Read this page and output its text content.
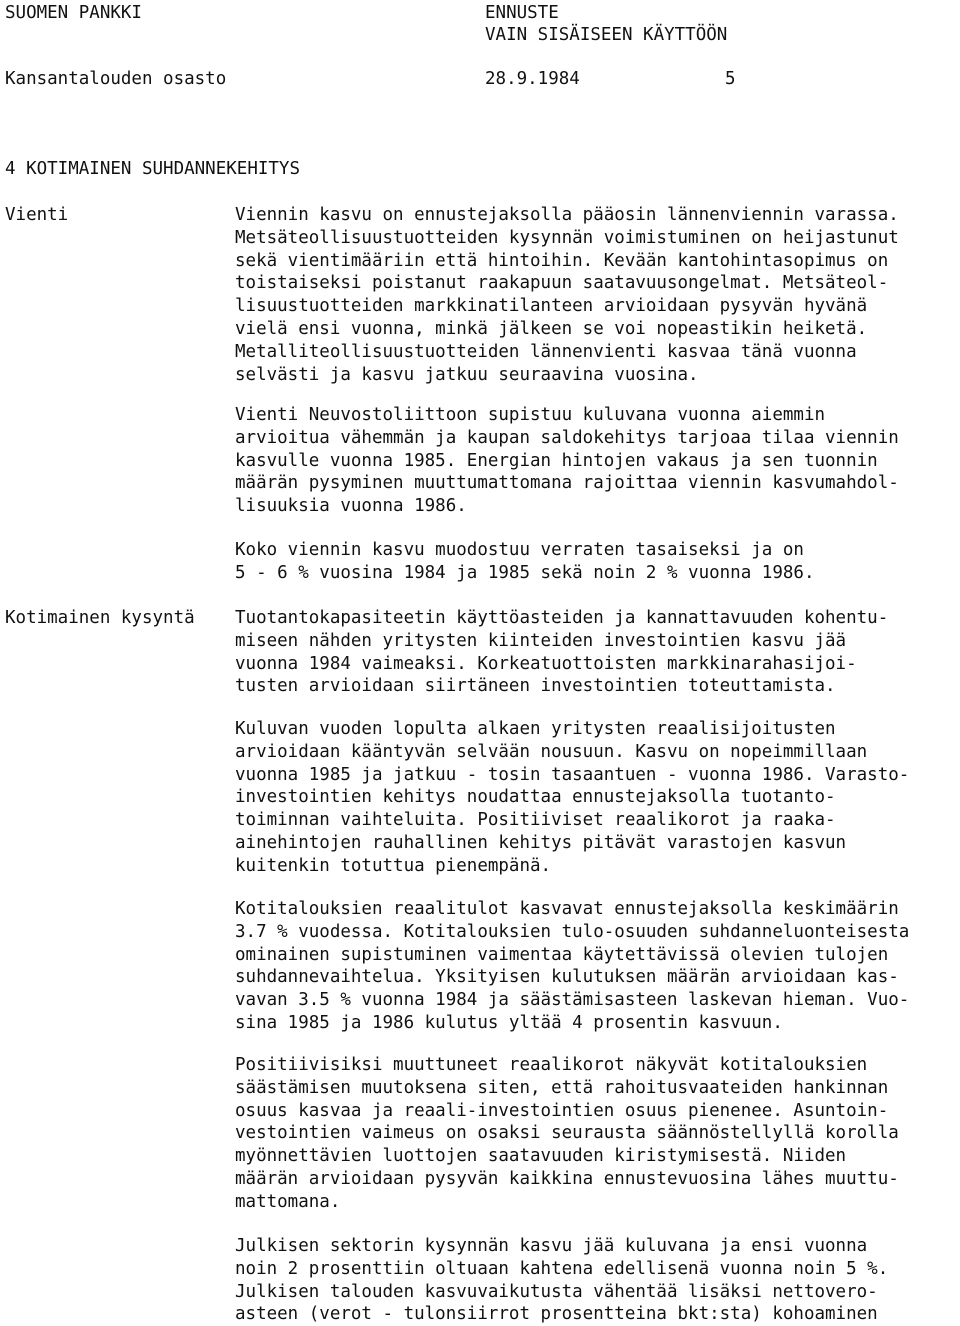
SUOMEN PANKKI	ENNUSTE
VAIN SISÄISEEN KÄYTTÖÖN
Kansantalouden osasto	28.9.1984	5
4 KOTIMAINEN SUHDANNEKEHITYS
Vienti	Viennin kasvu on ennustejaksolla pääosin lännenviennin varassa.
Metsäteollisuustuotteiden kysynnän voimistuminen on heijastunut
sekä vientimääriin että hintoihin. Kevään kantohintasopimus on
toistaiseksi poistanut raakapuun saatavuusongelmat. Metsäteol-
lisuustuotteiden markkinatilanteen arvioidaan pysyvän hyvänä
vielä ensi vuonna, minkä jälkeen se voi nopeastikin heiketä.
Metalliteollisuustuotteiden lännenvienti kasvaa tänä vuonna
selvästi ja kasvu jatkuu seuraavina vuosina.
Vienti Neuvostoliittoon supistuu kuluvana vuonna aiemmin
arvioitua vähemmän ja kaupan saldokehitys tarjoaa tilaa viennin
kasvulle vuonna 1985. Energian hintojen vakaus ja sen tuonnin
määrän pysyminen muuttumattomana rajoittaa viennin kasvumahdol-
lisuuksia vuonna 1986.
Koko viennin kasvu muodostuu verraten tasaiseksi ja on
5 - 6 % vuosina 1984 ja 1985 sekä noin 2 % vuonna 1986.
Kotimainen kysyntä Tuotantokapasiteetin käyttöasteiden ja kannattavuuden kohentu-
miseen nähden yritysten kiinteiden investointien kasvu jää
vuonna 1984 vaimeaksi. Korkeatuottoisten markkinarahasijoi-
tusten arvioidaan siirtäneen investointien toteuttamista.
Kuluvan vuoden lopulta alkaen yritysten reaalisijoitusten
arvioidaan kääntyvän selvään nousuun. Kasvu on nopeimmillaan
vuonna 1985 ja jatkuu - tosin tasaantuen - vuonna 1986. Varasto-
investointien kehitys noudattaa ennustejaksolla tuotanto-
toiminnan vaihteluita. Positiiviset reaalikorot ja raaka-
ainehintojen rauhallinen kehitys pitävät varastojen kasvun
kuitenkin totuttua pienempänä.
Kotitalouksien reaalitulot kasvavat ennustejaksolla keskimäärin
3.7 % vuodessa. Kotitalouksien tulo-osuuden suhdanneluonteisesta
ominainen supistuminen vaimentaa käytettävissä olevien tulojen
suhdannevaihtelua. Yksityisen kulutuksen määrän arvioidaan kas-
vavan 3.5 % vuonna 1984 ja säästämisasteen laskevan hieman. Vuo-
sina 1985 ja 1986 kulutus yltää 4 prosentin kasvuun.
Positiivisiksi muuttuneet reaalikorot näkyvät kotitalouksien
säästämisen muutoksena siten, että rahoitusvaateiden hankinnan
osuus kasvaa ja reaali-investointien osuus pienenee. Asuntoin-
vestointien vaimeus on osaksi seurausta säännöstellyllä korolla
myönnettävien luottojen saatavuuden kiristymisestä. Niiden
määrän arvioidaan pysyvän kaikkina ennustevuosina lähes muuttu-
mattomana.
Julkisen sektorin kysynnän kasvu jää kuluvana ja ensi vuonna
noin 2 prosenttiin oltuaan kahtena edellisenä vuonna noin 5 %.
Julkisen talouden kasvuvaikutusta vähentää lisäksi nettovero-
asteen (verot - tulonsiirrot prosentteina bkt:sta) kohoaminen
